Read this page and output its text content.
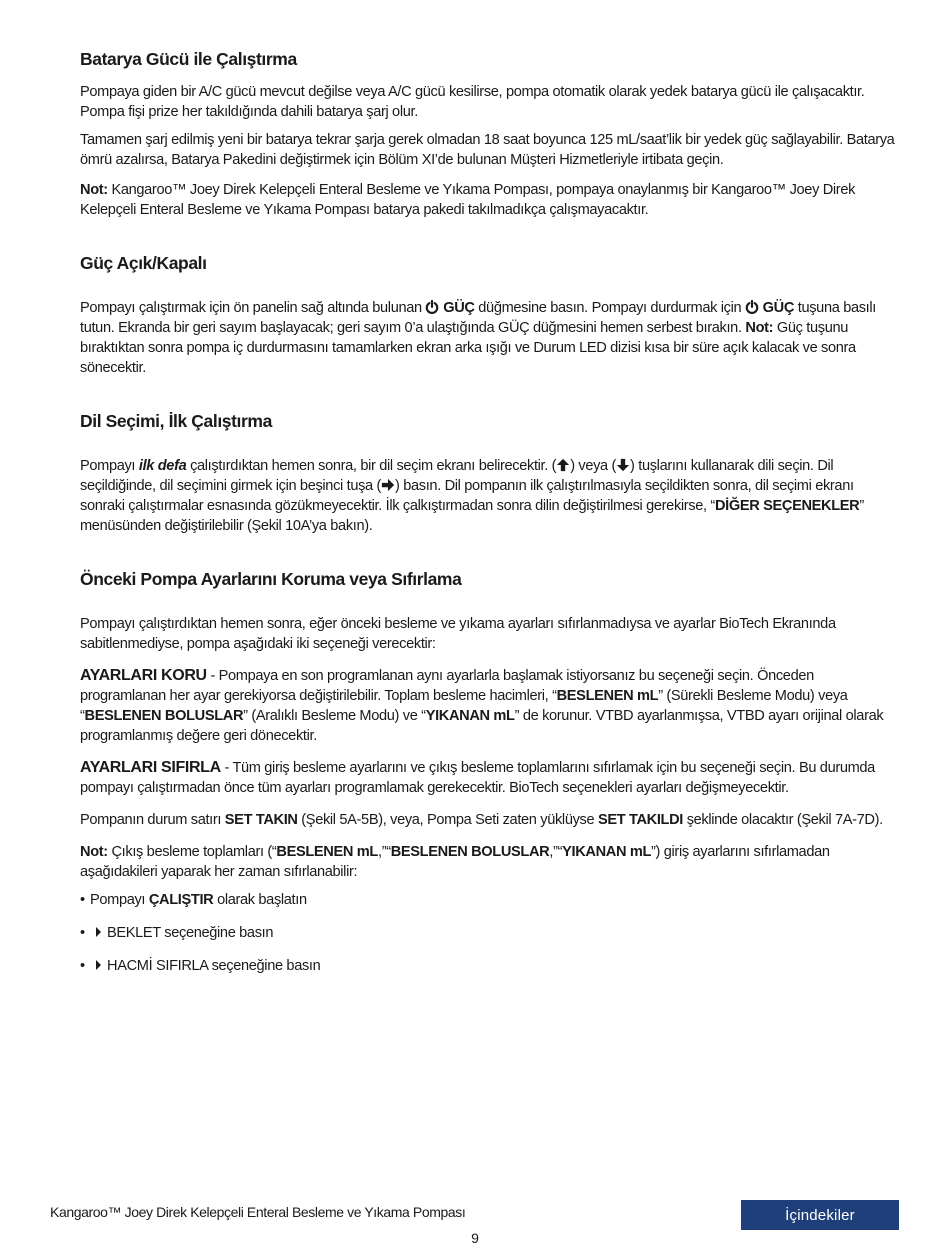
Batarya Gücü ile Çalıştırma

Pompaya giden bir A/C gücü mevcut değilse veya A/C gücü kesilirse, pompa otomatik olarak yedek batarya gücü ile çalışacaktır. Pompa fişi prize her takıldığında dahili batarya şarj olur.

Tamamen şarj edilmiş yeni bir batarya tekrar şarja gerek olmadan 18 saat boyunca 125 mL/saat’lik bir yedek güç sağlayabilir. Batarya ömrü azalırsa, Batarya Pakedini değiştirmek için Bölüm XI’de bulunan Müşteri Hizmetleriyle irtibata geçin.

Not: Kangaroo™ Joey Direk Kelepçeli Enteral Besleme ve Yıkama Pompası, pompaya onaylanmış bir Kangaroo™ Joey Direk Kelepçeli Enteral Besleme ve Yıkama Pompası batarya pakedi takılmadıkça çalışmayacaktır.

Güç Açık/Kapalı

Pompayı çalıştırmak için ön panelin sağ altında bulunan  GÜÇ düğmesine basın. Pompayı durdurmak için  GÜÇ tuşuna basılı tutun. Ekranda bir geri sayım başlayacak; geri sayım 0’a ulaştığında GÜÇ düğmesini hemen serbest bırakın. Not: Güç tuşunu bıraktıktan sonra pompa iç durdurmasını tamamlarken ekran arka ışığı ve Durum LED dizisi kısa bir süre açık kalacak ve sonra sönecektir.

Dil Seçimi, İlk Çalıştırma

Pompayı ilk defa çalıştırdıktan hemen sonra, bir dil seçim ekranı belirecektir. ( ) veya ( ) tuşlarını kullanarak dili seçin. Dil seçildiğinde, dil seçimini girmek için beşinci tuşa ( ) basın. Dil pompanın ilk çalıştırılmasıyla seçildikten sonra, dil seçimi ekranı sonraki çalıştırmalar esnasında gözükmeyecektir. İlk çalkıştırmadan sonra dilin değiştirilmesi gerekirse, “DİĞER SEÇENEKLER” menüsünden değiştirilebilir (Şekil 10A’ya bakın).

Önceki Pompa Ayarlarını Koruma veya Sıfırlama

Pompayı çalıştırdıktan hemen sonra, eğer önceki besleme ve yıkama ayarları sıfırlanmadıysa ve ayarlar BioTech Ekranında sabitlenmediyse, pompa aşağıdaki iki seçeneği verecektir:

AYARLARI KORU - Pompaya en son programlanan aynı ayarlarla başlamak istiyorsanız bu seçeneği seçin. Önceden programlanan her ayar gerekiyorsa değiştirilebilir. Toplam besleme hacimleri, “BESLENEN mL” (Sürekli Besleme Modu) veya “BESLENEN BOLUSLAR” (Aralıklı Besleme Modu) ve “YIKANAN mL” de korunur. VTBD ayarlanmışsa, VTBD ayarı orijinal olarak programlanmış değere geri dönecektir.

AYARLARI SIFIRLA - Tüm giriş besleme ayarlarını ve çıkış besleme toplamlarını sıfırlamak için bu seçeneği seçin. Bu durumda pompayı çalıştırmadan önce tüm ayarları programlamak gerekecektir. BioTech seçenekleri ayarları değişmeyecektir.

Pompanın durum satırı SET TAKIN (Şekil 5A-5B), veya, Pompa Seti zaten yüklüyse SET TAKILDI şeklinde olacaktır (Şekil 7A-7D).

Not: Çıkış besleme toplamları (“BESLENEN mL,”“BESLENEN BOLUSLAR,”“YIKANAN mL”) giriş ayarlarını sıfırlamadan aşağıdakileri yaparak her zaman sıfırlanabilir:

• Pompayı ÇALIŞTIR olarak başlatın
• BEKLET seçeneğine basın
• HACMİ SIFIRLA seçeneğine basın
Kangaroo™ Joey Direk Kelepçeli Enteral Besleme ve Yıkama Pompası	İçindekiler
9
